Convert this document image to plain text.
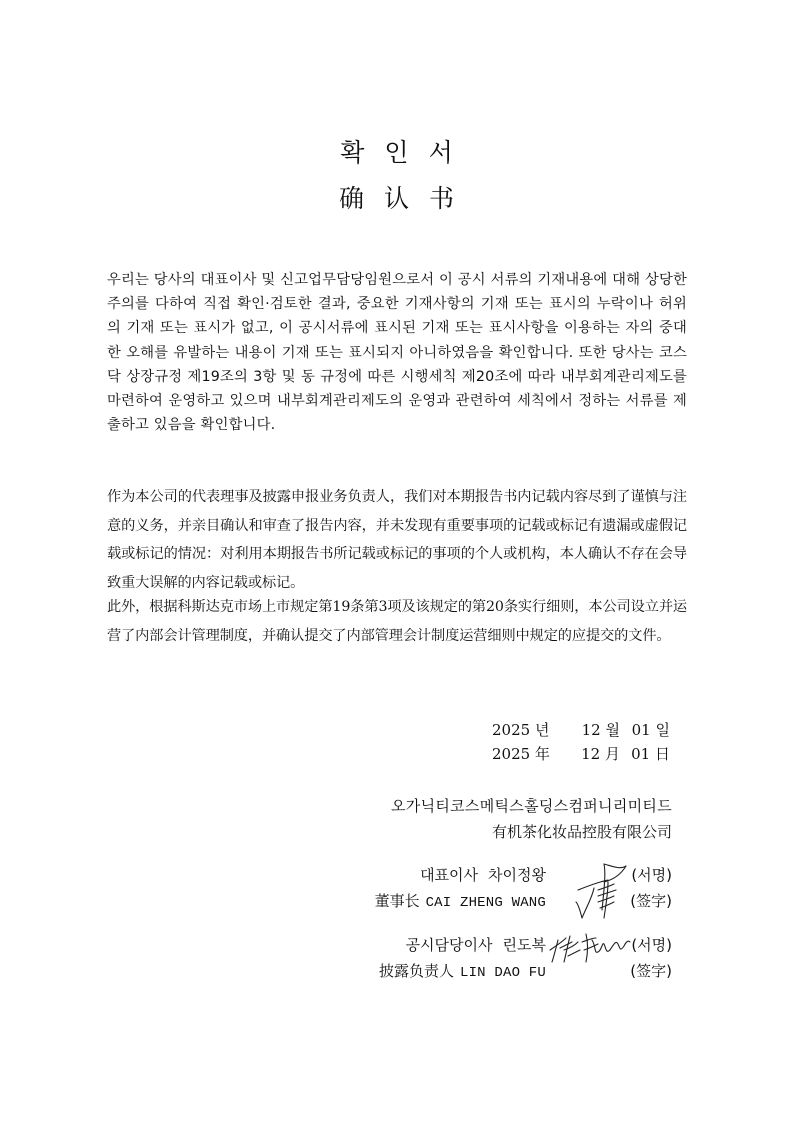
확인서
确认书

우리는 당사의 대표이사 및 신고업무담당임원으로서 이 공시 서류의 기재내용에 대해 상당한 주의를 다하여 직접 확인·검토한 결과, 중요한 기재사항의 기재 또는 표시의 누락이나 허위의 기재 또는 표시가 없고, 이 공시서류에 표시된 기재 또는 표시사항을 이용하는 자의 중대한 오해를 유발하는 내용이 기재 또는 표시되지 아니하였음을 확인합니다. 또한 당사는 코스닥 상장규정 제19조의 3항 및 동 규정에 따른 시행세칙 제20조에 따라 내부회계관리제도를 마련하여 운영하고 있으며 내부회계관리제도의 운영과 관련하여 세칙에서 정하는 서류를 제출하고 있음을 확인합니다.

作为本公司的代表理事及披露申报业务负责人，我们对本期报告书内记载内容尽到了谨慎与注意的义务，并亲目确认和审查了报告内容，并未发现有重要事项的记载或标记有遗漏或虚假记载或标记的情况：对利用本期报告书所记载或标记的事项的个人或机构，本人确认不存在会导致重大误解的内容记载或标记。

此外，根据科斯达克市场上市规定第19条第3项及该规定的第20条实行细则，本公司设立并运营了内部会计管理制度，并确认提交了内部管理会计制度运营细则中规定的应提交的文件。

2025 년	12 월 01 일
2025 年	12 月 01 日
오가닉티코스메틱스홀딩스컴퍼니리미티드
有机茶化妆品控股有限公司
대표이사 차이정왕	(서명)
董事长 CAI ZHENG WANG	(签字)
공시담당이사 린도복	(서명)
披露负责人 LIN DAO FU	(签字)
